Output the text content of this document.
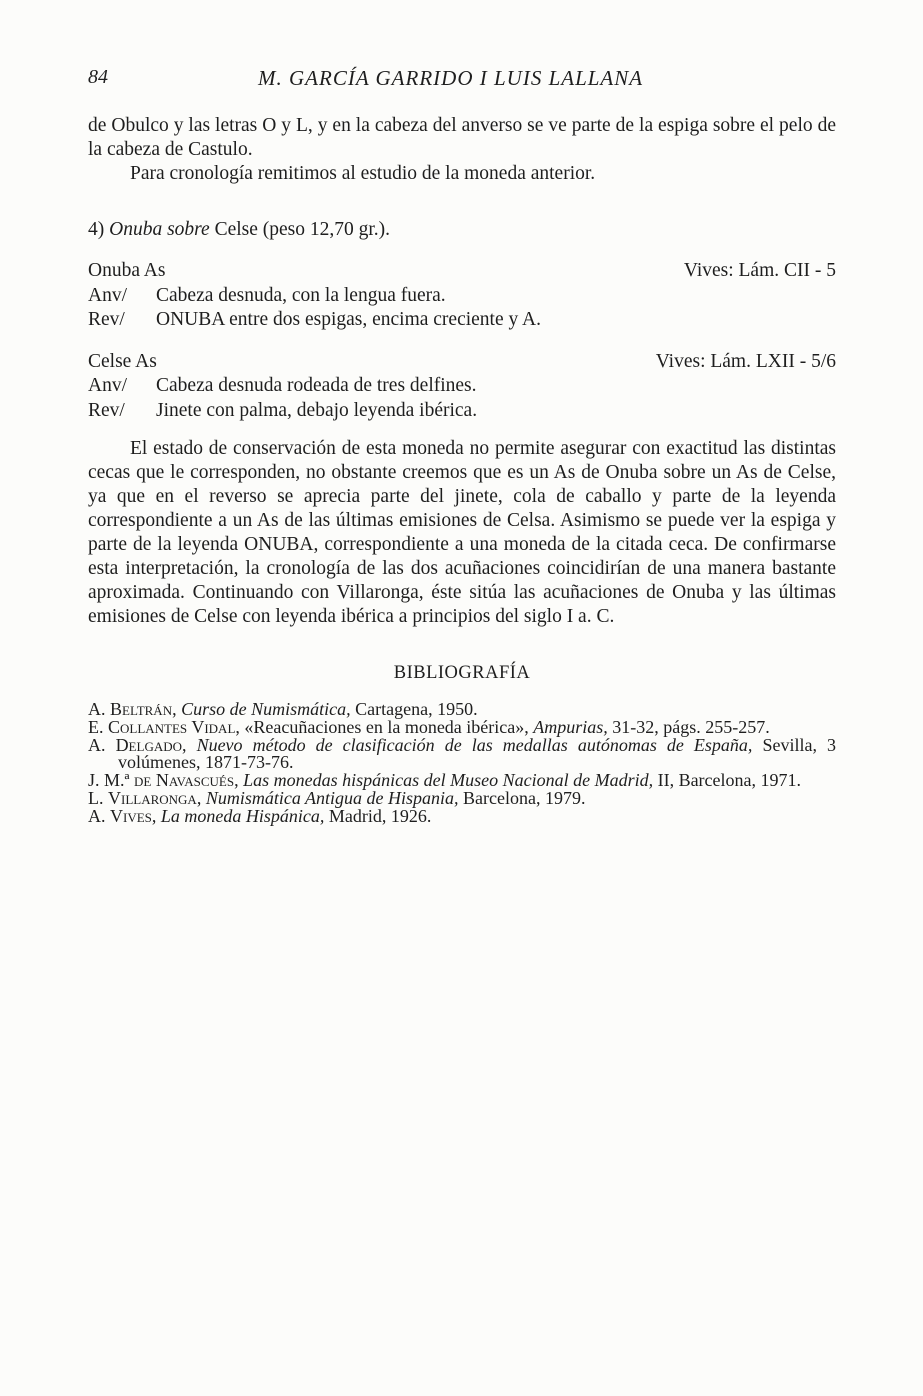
84	M. GARCÍA GARRIDO I LUIS LALLANA

de Obulco y las letras O y L, y en la cabeza del anverso se ve parte de la espiga sobre el pelo de la cabeza de Castulo.

Para cronología remitimos al estudio de la moneda anterior.

4) Onuba sobre Celse (peso 12,70 gr.).
Onuba As	Vives: Lám. CII - 5
Anv/ Cabeza desnuda, con la lengua fuera.
Rev/ ONUBA entre dos espigas, encima creciente y A.
Celse As	Vives: Lám. LXII - 5/6
Anv/ Cabeza desnuda rodeada de tres delfines.
Rev/ Jinete con palma, debajo leyenda ibérica.

El estado de conservación de esta moneda no permite asegurar con exactitud las distintas cecas que le corresponden, no obstante creemos que es un As de Onuba sobre un As de Celse, ya que en el reverso se aprecia parte del jinete, cola de caballo y parte de la leyenda correspondiente a un As de las últimas emisiones de Celsa. Asimismo se puede ver la espiga y parte de la leyenda ONUBA, correspondiente a una moneda de la citada ceca. De confirmarse esta interpretación, la cronología de las dos acuñaciones coincidirían de una manera bastante aproximada. Continuando con Villaronga, éste sitúa las acuñaciones de Onuba y las últimas emisiones de Celse con leyenda ibérica a principios del siglo I a. C.

BIBLIOGRAFÍA

A. Beltrán, Curso de Numismática, Cartagena, 1950.

E. Collantes Vidal, «Reacuñaciones en la moneda ibérica», Ampurias, 31-32, págs. 255-257.

A. Delgado, Nuevo método de clasificación de las medallas autónomas de España, Sevilla, 3 volúmenes, 1871-73-76.

J. M.ª de Navascués, Las monedas hispánicas del Museo Nacional de Madrid, II, Barcelona, 1971.

L. Villaronga, Numismática Antigua de Hispania, Barcelona, 1979.

A. Vives, La moneda Hispánica, Madrid, 1926.
